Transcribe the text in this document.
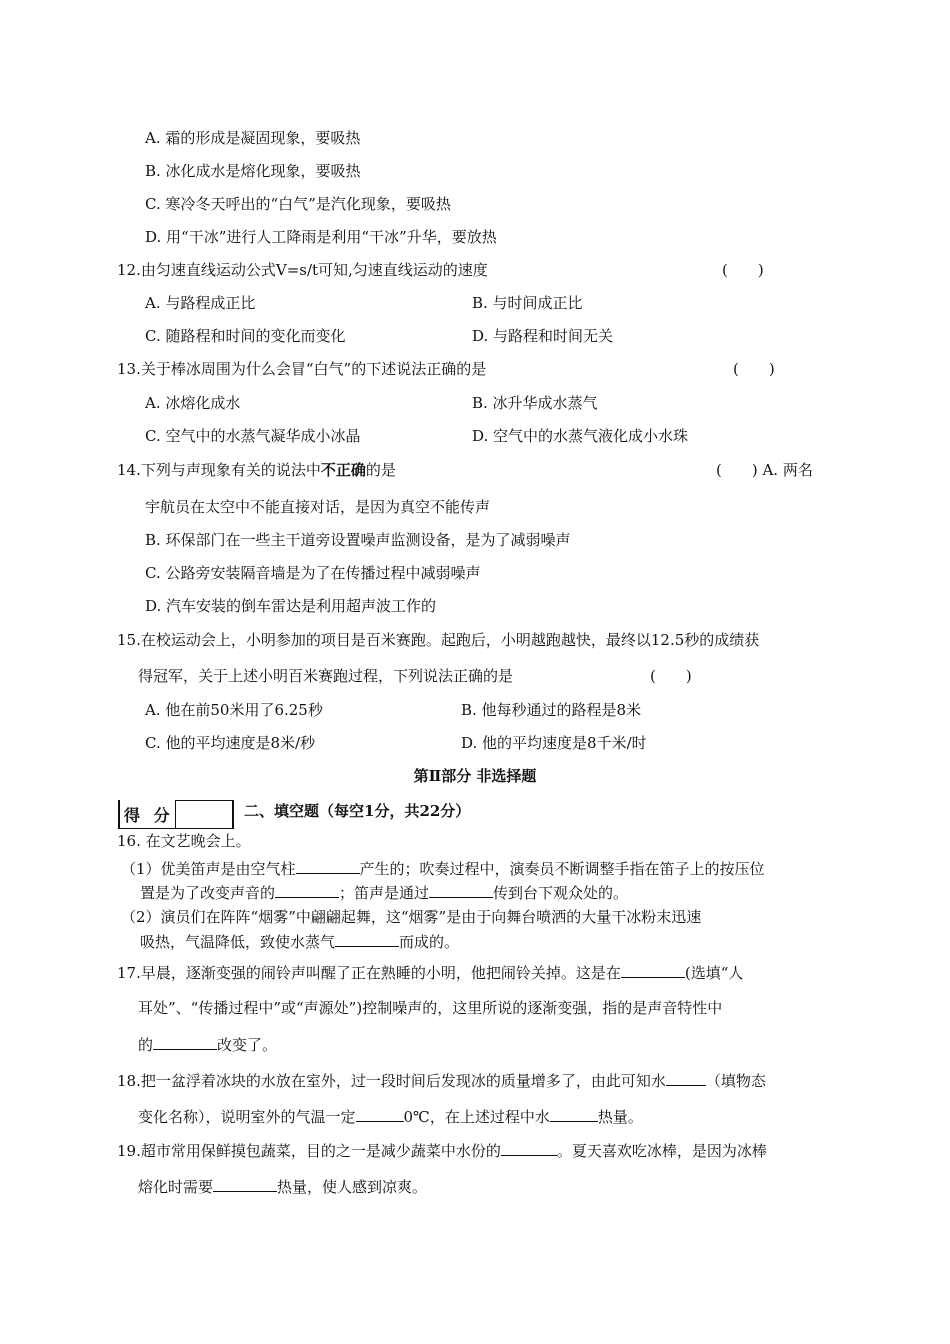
A. 霜的形成是凝固现象，要吸热
B. 冰化成水是熔化现象，要吸热
C. 寒冷冬天呼出的“白气”是汽化现象，要吸热
D. 用“干冰”进行人工降雨是利用“干冰”升华，要放热
12.由匀速直线运动公式V=s/t可知,匀速直线运动的速度	(　　)
A. 与路程成正比	B. 与时间成正比
C. 随路程和时间的变化而变化	D. 与路程和时间无关
13.关于棒冰周围为什么会冒“白气”的下述说法正确的是	(　　)
A. 冰熔化成水	B. 冰升华成水蒸气
C. 空气中的水蒸气凝华成小冰晶	D. 空气中的水蒸气液化成小水珠
14.下列与声现象有关的说法中不正确的是	(　　) A. 两名
宇航员在太空中不能直接对话，是因为真空不能传声
B. 环保部门在一些主干道旁设置噪声监测设备，是为了减弱噪声
C. 公路旁安装隔音墙是为了在传播过程中减弱噪声
D. 汽车安装的倒车雷达是利用超声波工作的
15.在校运动会上，小明参加的项目是百米赛跑。起跑后，小明越跑越快，最终以12.5秒的成绩获
得冠军，关于上述小明百米赛跑过程，下列说法正确的是	(　　)
A. 他在前50米用了6.25秒	B. 他每秒通过的路程是8米
C. 他的平均速度是8米/秒	D. 他的平均速度是8千米/时
第Ⅱ部分 非选择题
得 分	二、填空题（每空1分，共22分）
16. 在文艺晚会上。
（1）优美笛声是由空气柱	产生的；吹奏过程中，演奏员不断调整手指在笛子上的按压位
置是为了改变声音的	；笛声是通过	传到台下观众处的。
（2）演员们在阵阵“烟雾”中翩翩起舞，这“烟雾”是由于向舞台喷洒的大量干冰粉末迅速
吸热，气温降低，致使水蒸气	而成的。
17.早晨，逐渐变强的闹铃声叫醒了正在熟睡的小明，他把闹铃关掉。这是在	(选填“人
耳处”、“传播过程中”或“声源处”)控制噪声的，这里所说的逐渐变强，指的是声音特性中
的	改变了。
18.把一盆浮着冰块的水放在室外，过一段时间后发现冰的质量增多了，由此可知水	（填物态
变化名称），说明室外的气温一定	0℃，在上述过程中水	热量。
19.超市常用保鲜摸包蔬菜，目的之一是减少蔬菜中水份的	。夏天喜欢吃冰棒，是因为冰棒
熔化时需要	热量，使人感到凉爽。
